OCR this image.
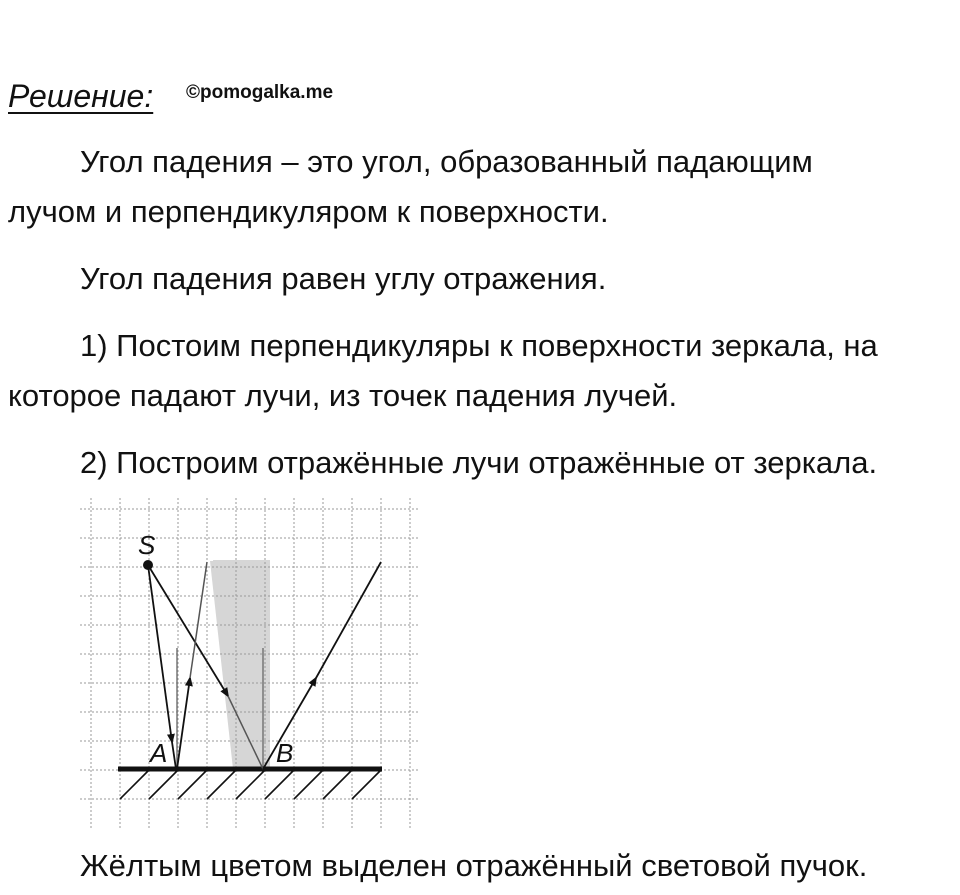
Решение: ©pomogalka.me
Угол падения – это угол, образованный падающим
лучом и перпендикуляром к поверхности.
Угол падения равен углу отражения.
1) Постоим перпендикуляры к поверхности зеркала, на
которое падают лучи, из точек падения лучей.
2) Построим отражённые лучи отражённые от зеркала.
S
A	B
Жёлтым цветом выделен отражённый световой пучок.
